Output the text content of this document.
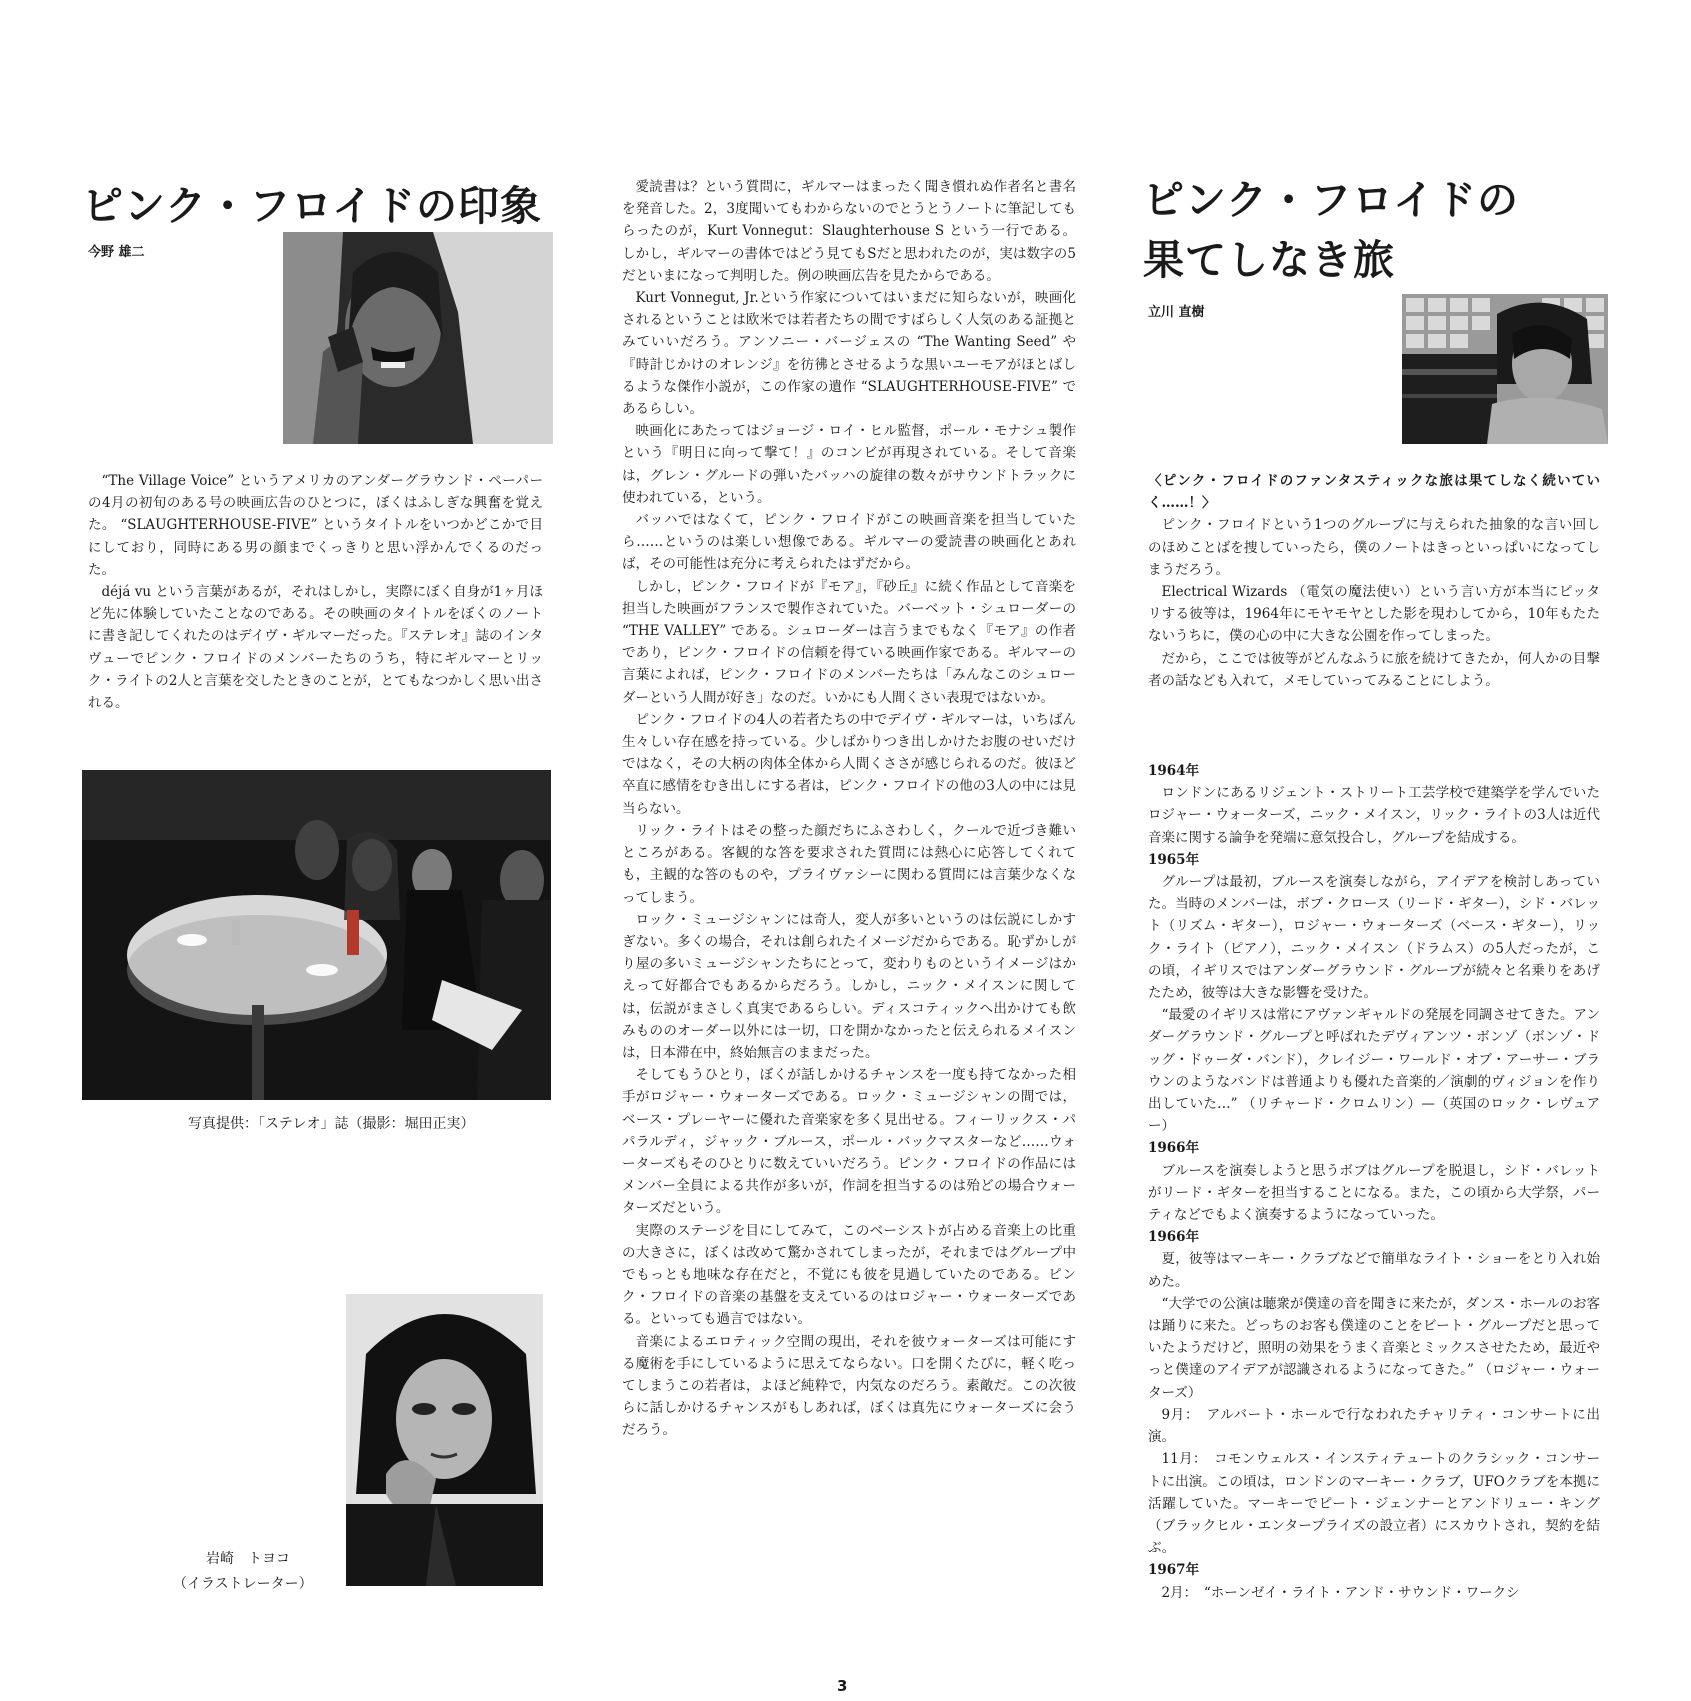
ピンク・フロイドの印象
今野 雄二

“The Village Voice” というアメリカのアンダーグラウンド・ペーパーの4月の初旬のある号の映画広告のひとつに，ぼくはふしぎな興奮を覚えた。 “SLAUGHTERHOUSE-FIVE” というタイトルをいつかどこかで目にしており，同時にある男の顔までくっきりと思い浮かんでくるのだった。

déjá vu という言葉があるが，それはしかし，実際にぼく自身が1ヶ月ほど先に体験していたことなのである。その映画のタイトルをぼくのノートに書き記してくれたのはデイヴ・ギルマーだった。『ステレオ』誌のインタヴューでピンク・フロイドのメンバーたちのうち，特にギルマーとリック・ライトの2人と言葉を交したときのことが，とてもなつかしく思い出される。

写真提供：「ステレオ」誌（撮影：堀田正実）
岩崎　トヨコ
（イラストレーター）

愛読書は？という質問に，ギルマーはまったく聞き慣れぬ作者名と書名を発音した。2，3度聞いてもわからないのでとうとうノートに筆記してもらったのが，Kurt Vonnegut：Slaughterhouse S という一行である。しかし，ギルマーの書体ではどう見てもSだと思われたのが，実は数字の5だといまになって判明した。例の映画広告を見たからである。

Kurt Vonnegut, Jr.という作家についてはいまだに知らないが，映画化されるということは欧米では若者たちの間ですばらしく人気のある証拠とみていいだろう。アンソニー・バージェスの “The Wanting Seed” や『時計じかけのオレンジ』を彷彿とさせるような黒いユーモアがほとばしるような傑作小説が，この作家の遺作 “SLAUGHTERHOUSE-FIVE” であるらしい。

映画化にあたってはジョージ・ロイ・ヒル監督，ポール・モナシュ製作という『明日に向って撃て！』のコンビが再現されている。そして音楽は，グレン・グルードの弾いたバッハの旋律の数々がサウンドトラックに使われている，という。

バッハではなくて，ピンク・フロイドがこの映画音楽を担当していたら……というのは楽しい想像である。ギルマーの愛読書の映画化とあれば，その可能性は充分に考えられたはずだから。

しかし，ピンク・フロイドが『モア』，『砂丘』に続く作品として音楽を担当した映画がフランスで製作されていた。バーベット・シュローダーの “THE VALLEY” である。シュローダーは言うまでもなく『モア』の作者であり，ピンク・フロイドの信頼を得ている映画作家である。ギルマーの言葉によれば，ピンク・フロイドのメンバーたちは「みんなこのシュローダーという人間が好き」なのだ。いかにも人間くさい表現ではないか。

ピンク・フロイドの4人の若者たちの中でデイヴ・ギルマーは，いちばん生々しい存在感を持っている。少しばかりつき出しかけたお腹のせいだけではなく，その大柄の肉体全体から人間くささが感じられるのだ。彼ほど卒直に感情をむき出しにする者は，ピンク・フロイドの他の3人の中には見当らない。

リック・ライトはその整った顔だちにふさわしく，クールで近づき難いところがある。客観的な答を要求された質問には熱心に応答してくれても，主観的な答のものや，プライヴァシーに関わる質問には言葉少なくなってしまう。

ロック・ミュージシャンには奇人，変人が多いというのは伝説にしかすぎない。多くの場合，それは創られたイメージだからである。恥ずかしがり屋の多いミュージシャンたちにとって，変わりものというイメージはかえって好都合でもあるからだろう。しかし，ニック・メイスンに関しては，伝説がまさしく真実であるらしい。ディスコティックへ出かけても飲みもののオーダー以外には一切，口を開かなかったと伝えられるメイスンは，日本滞在中，終始無言のままだった。

そしてもうひとり，ぼくが話しかけるチャンスを一度も持てなかった相手がロジャー・ウォーターズである。ロック・ミュージシャンの間では，ベース・プレーヤーに優れた音楽家を多く見出せる。フィーリックス・パパラルディ，ジャック・ブルース，ポール・バックマスターなど……ウォーターズもそのひとりに数えていいだろう。ピンク・フロイドの作品にはメンバー全員による共作が多いが，作詞を担当するのは殆どの場合ウォーターズだという。

実際のステージを目にしてみて，このベーシストが占める音楽上の比重の大きさに，ぼくは改めて驚かされてしまったが，それまではグループ中でもっとも地味な存在だと，不覚にも彼を見過していたのである。ピンク・フロイドの音楽の基盤を支えているのはロジャー・ウォーターズである。といっても過言ではない。

音楽によるエロティック空間の現出，それを彼ウォーターズは可能にする魔術を手にしているように思えてならない。口を開くたびに，軽く吃ってしまうこの若者は，よほど純粋で，内気なのだろう。素敵だ。この次彼らに話しかけるチャンスがもしあれば，ぼくは真先にウォーターズに会うだろう。

ピンク・フロイドの
果てしなき旅
立川 直樹

〈ピンク・フロイドのファンタスティックな旅は果てしなく続いていく……！〉

ピンク・フロイドという1つのグループに与えられた抽象的な言い回しのほめことばを捜していったら，僕のノートはきっといっぱいになってしまうだろう。

Electrical Wizards （電気の魔法使い）という言い方が本当にピッタリする彼等は，1964年にモヤモヤとした影を現わしてから，10年もたたないうちに，僕の心の中に大きな公園を作ってしまった。

だから，ここでは彼等がどんなふうに旅を続けてきたか，何人かの目撃者の話なども入れて，メモしていってみることにしよう。

1964年

ロンドンにあるリジェント・ストリート工芸学校で建築学を学んでいたロジャー・ウォーターズ，ニック・メイスン，リック・ライトの3人は近代音楽に関する論争を発端に意気投合し，グループを結成する。

1965年

グループは最初，ブルースを演奏しながら，アイデアを検討しあっていた。当時のメンバーは，ボブ・クロース（リード・ギター），シド・バレット（リズム・ギター），ロジャー・ウォーターズ（ベース・ギター），リック・ライト（ピアノ），ニック・メイスン（ドラムス）の5人だったが，この頃，イギリスではアンダーグラウンド・グループが続々と名乗りをあげたため，彼等は大きな影響を受けた。

“最愛のイギリスは常にアヴァンギャルドの発展を同調させてきた。アンダーグラウンド・グループと呼ばれたデヴィアンツ・ボンゾ（ボンゾ・ドッグ・ドゥーダ・バンド），クレイジー・ワールド・オブ・アーサー・ブラウンのようなバンドは普通よりも優れた音楽的／演劇的ヴィジョンを作り出していた…” （リチャード・クロムリン）—（英国のロック・レヴュアー）

1966年

ブルースを演奏しようと思うボブはグループを脱退し，シド・バレットがリード・ギターを担当することになる。また，この頃から大学祭，パーティなどでもよく演奏するようになっていった。

1966年

夏，彼等はマーキー・クラブなどで簡単なライト・ショーをとり入れ始めた。

“大学での公演は聴衆が僕達の音を聞きに来たが，ダンス・ホールのお客は踊りに来た。どっちのお客も僕達のことをビート・グループだと思っていたようだけど，照明の効果をうまく音楽とミックスさせたため，最近やっと僕達のアイデアが認識されるようになってきた。” （ロジャー・ウォーターズ）

9月：　アルバート・ホールで行なわれたチャリティ・コンサートに出演。

11月：　コモンウェルス・インスティテュートのクラシック・コンサートに出演。この頃は，ロンドンのマーキー・クラブ，UFOクラブを本拠に活躍していた。マーキーでピート・ジェンナーとアンドリュー・キング（ブラックヒル・エンタープライズの設立者）にスカウトされ，契約を結ぶ。

1967年

2月：　“ホーンゼイ・ライト・アンド・サウンド・ワークシ

3
